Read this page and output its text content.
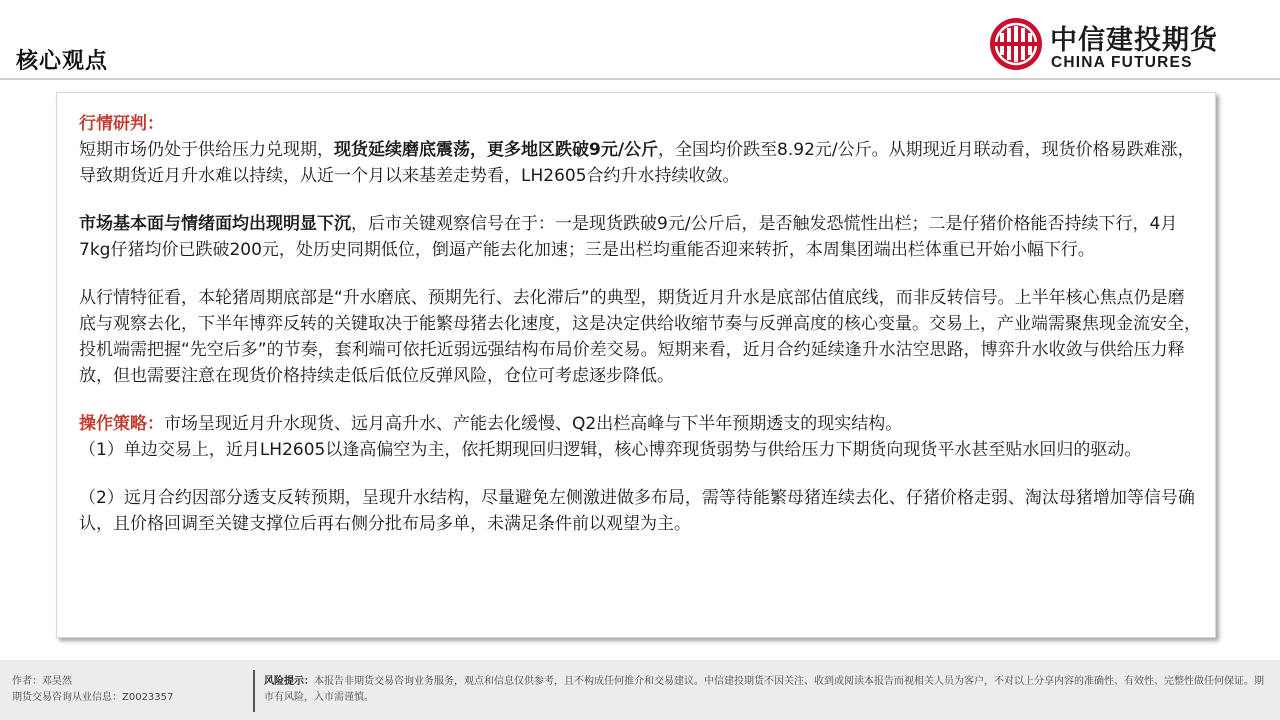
核心观点
中信建投期货
CHINA FUTURES

行情研判：
短期市场仍处于供给压力兑现期，现货延续磨底震荡，更多地区跌破9元/公斤，全国均价跌至8.92元/公斤。从期现近月联动看，现货价格易跌难涨，导致期货近月升水难以持续，从近一个月以来基差走势看，LH2605合约升水持续收敛。

市场基本面与情绪面均出现明显下沉，后市关键观察信号在于：一是现货跌破9元/公斤后，是否触发恐慌性出栏；二是仔猪价格能否持续下行，4月7kg仔猪均价已跌破200元，处历史同期低位，倒逼产能去化加速；三是出栏均重能否迎来转折，本周集团端出栏体重已开始小幅下行。

从行情特征看，本轮猪周期底部是“升水磨底、预期先行、去化滞后”的典型，期货近月升水是底部估值底线，而非反转信号。上半年核心焦点仍是磨底与观察去化，下半年博弈反转的关键取决于能繁母猪去化速度，这是决定供给收缩节奏与反弹高度的核心变量。交易上，产业端需聚焦现金流安全，投机端需把握“先空后多”的节奏，套利端可依托近弱远强结构布局价差交易。短期来看，近月合约延续逢升水沽空思路，博弈升水收敛与供给压力释放，但也需要注意在现货价格持续走低后低位反弹风险，仓位可考虑逐步降低。

操作策略：市场呈现近月升水现货、远月高升水、产能去化缓慢、Q2出栏高峰与下半年预期透支的现实结构。

（1）单边交易上，近月LH2605以逢高偏空为主，依托期现回归逻辑，核心博弈现货弱势与供给压力下期货向现货平水甚至贴水回归的驱动。

（2）远月合约因部分透支反转预期，呈现升水结构，尽量避免左侧激进做多布局，需等待能繁母猪连续去化、仔猪价格走弱、淘汰母猪增加等信号确认，且价格回调至关键支撑位后再右侧分批布局多单，未满足条件前以观望为主。

作者：邓昊然
期货交易咨询从业信息：Z0023357
风险提示：本报告非期货交易咨询业务服务，观点和信息仅供参考，且不构成任何推介和交易建议。中信建投期货不因关注、收到或阅读本报告而视相关人员为客户，不对以上分享内容的准确性、有效性、完整性做任何保证。期市有风险，入市需谨慎。
